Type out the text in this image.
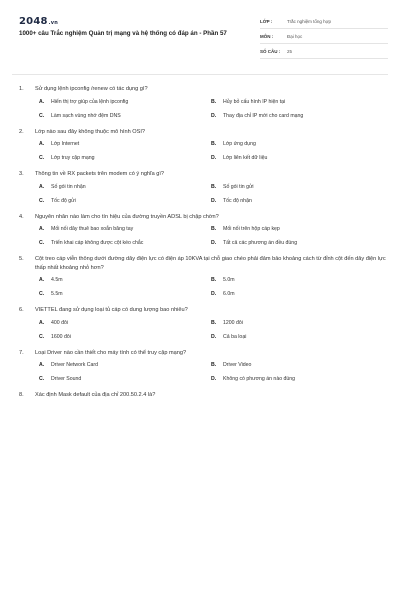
2048.vn
1000+ câu Trắc nghiệm Quản trị mạng và hệ thống có đáp án - Phần 57
LỚP :	Trắc nghiệm tổng hợp
MÔN :	Đại học
SỐ CÂU :	25
1.	Sử dụng lệnh ipconfig /renew có tác dụng gì?
A.	Hiển thị trợ giúp của lệnh ipconfig	B.	Hủy bỏ cấu hình IP hiện tại
C.	Làm sạch vùng nhớ đệm DNS	D.	Thay địa chỉ IP mới cho card mạng
2.	Lớp nào sau đây không thuộc mô hình OSI?
A.	Lớp Internet	B.	Lớp ứng dụng
C.	Lớp truy cập mạng	D.	Lớp liên kết dữ liệu
3.	Thông tin về RX packets trên modem có ý nghĩa gì?
A.	Số gói tin nhận	B.	Số gói tin gửi
C.	Tốc độ gửi	D.	Tốc độ nhận
4.	Nguyên nhân nào làm cho tín hiệu của đường truyền ADSL bị chập chờn?
A.	Mối nối dây thuê bao xoắn băng tay	B.	Mối nối trên hộp cáp kẹp
C.	Triển khai cáp không được cột kéo chắc	D.	Tất cả các phương án đều đúng
5.	Cột treo cáp viễn thông dưới đường dây điện lực có điện áp 10KVA tại chỗ giao chéo phải đảm bảo khoảng cách từ đỉnh cột đến dây điện lực thấp nhất khoảng nhỏ hơn?
A.	4.5m	B.	5.0m
C.	5.5m	D.	6.0m
6.	VIETTEL đang sử dụng loại tủ cáp có dung lượng bao nhiêu?
A.	400 đôi	B.	1200 đôi
C.	1600 đôi	D.	Cả ba loại
7.	Loại Driver nào cần thiết cho máy tính có thể truy cập mạng?
A.	Driver Network Card	B.	Driver Video
C.	Driver Sound	D.	Không có phương án nào đúng
8.	Xác định Mask default của địa chỉ 200.50.2.4 là?
